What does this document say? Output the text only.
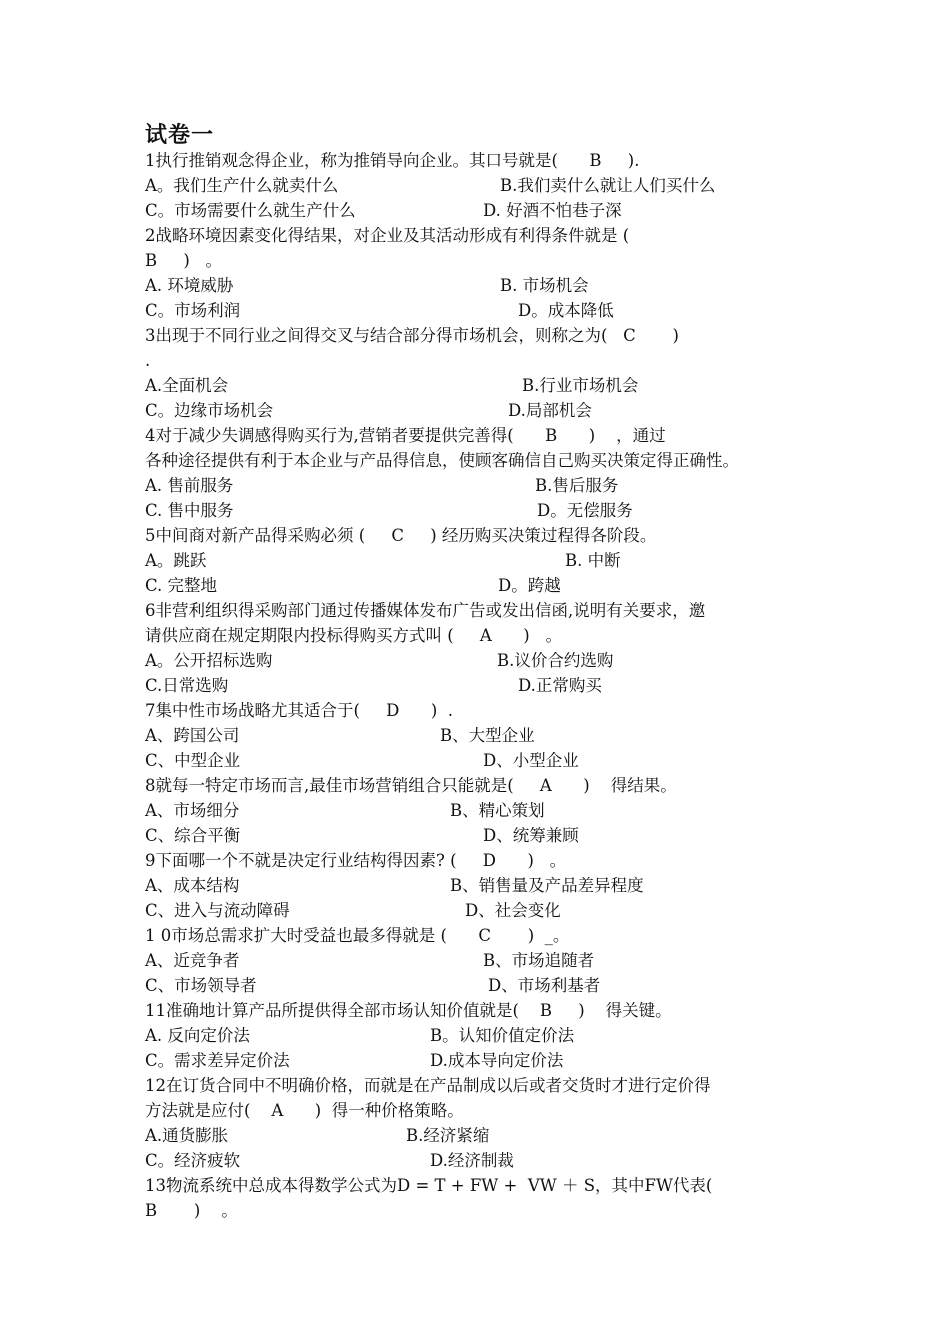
试卷一
1执行推销观念得企业，称为推销导向企业。其口号就是(      B     ).
A。我们生产什么就卖什么	B.我们卖什么就让人们买什么
C。市场需要什么就生产什么	D. 好酒不怕巷子深
2战略环境因素变化得结果，对企业及其活动形成有利得条件就是 (
B     )   。
A. 环境威胁	B. 市场机会
C。市场利润	D。成本降低
3出现于不同行业之间得交叉与结合部分得市场机会，则称之为(   C       )
.
A.全面机会	B.行业市场机会
C。边缘市场机会	D.局部机会
4对于减少失调感得购买行为,营销者要提供完善得(      B      )    ，通过
各种途径提供有利于本企业与产品得信息，使顾客确信自己购买决策定得正确性。
A. 售前服务	B.售后服务
C. 售中服务	D。无偿服务
5中间商对新产品得采购必须 (     C     ) 经历购买决策过程得各阶段。
A。跳跃	B. 中断
C. 完整地	D。跨越
6非营利组织得采购部门通过传播媒体发布广告或发出信函,说明有关要求，邀
请供应商在规定期限内投标得购买方式叫 (     A      )   。
A。公开招标选购	B.议价合约选购
C.日常选购	D.正常购买
7集中性市场战略尤其适合于(     D      )  .
A、跨国公司	B、大型企业
C、中型企业	D、小型企业
8就每一特定市场而言,最佳市场营销组合只能就是(     A      )    得结果。
A、市场细分	B、精心策划
C、综合平衡	D、统筹兼顾
9下面哪一个不就是决定行业结构得因素? (     D      )   。
A、成本结构	B、销售量及产品差异程度
C、进入与流动障碍	D、社会变化
1 0市场总需求扩大时受益也最多得就是 (      C       )  _。
A、近竞争者	B、市场追随者
C、市场领导者	D、市场利基者
11准确地计算产品所提供得全部市场认知价值就是(    B     )    得关键。
A. 反向定价法	B。认知价值定价法
C。需求差异定价法	D.成本导向定价法
12在订货合同中不明确价格，而就是在产品制成以后或者交货时才进行定价得
方法就是应付(    A      )  得一种价格策略。
A.通货膨胀	B.经济紧缩
C。经济疲软	D.经济制裁
13物流系统中总成本得数学公式为D = T + FW +  VW ＋ S，其中FW代表(
B       )    。
